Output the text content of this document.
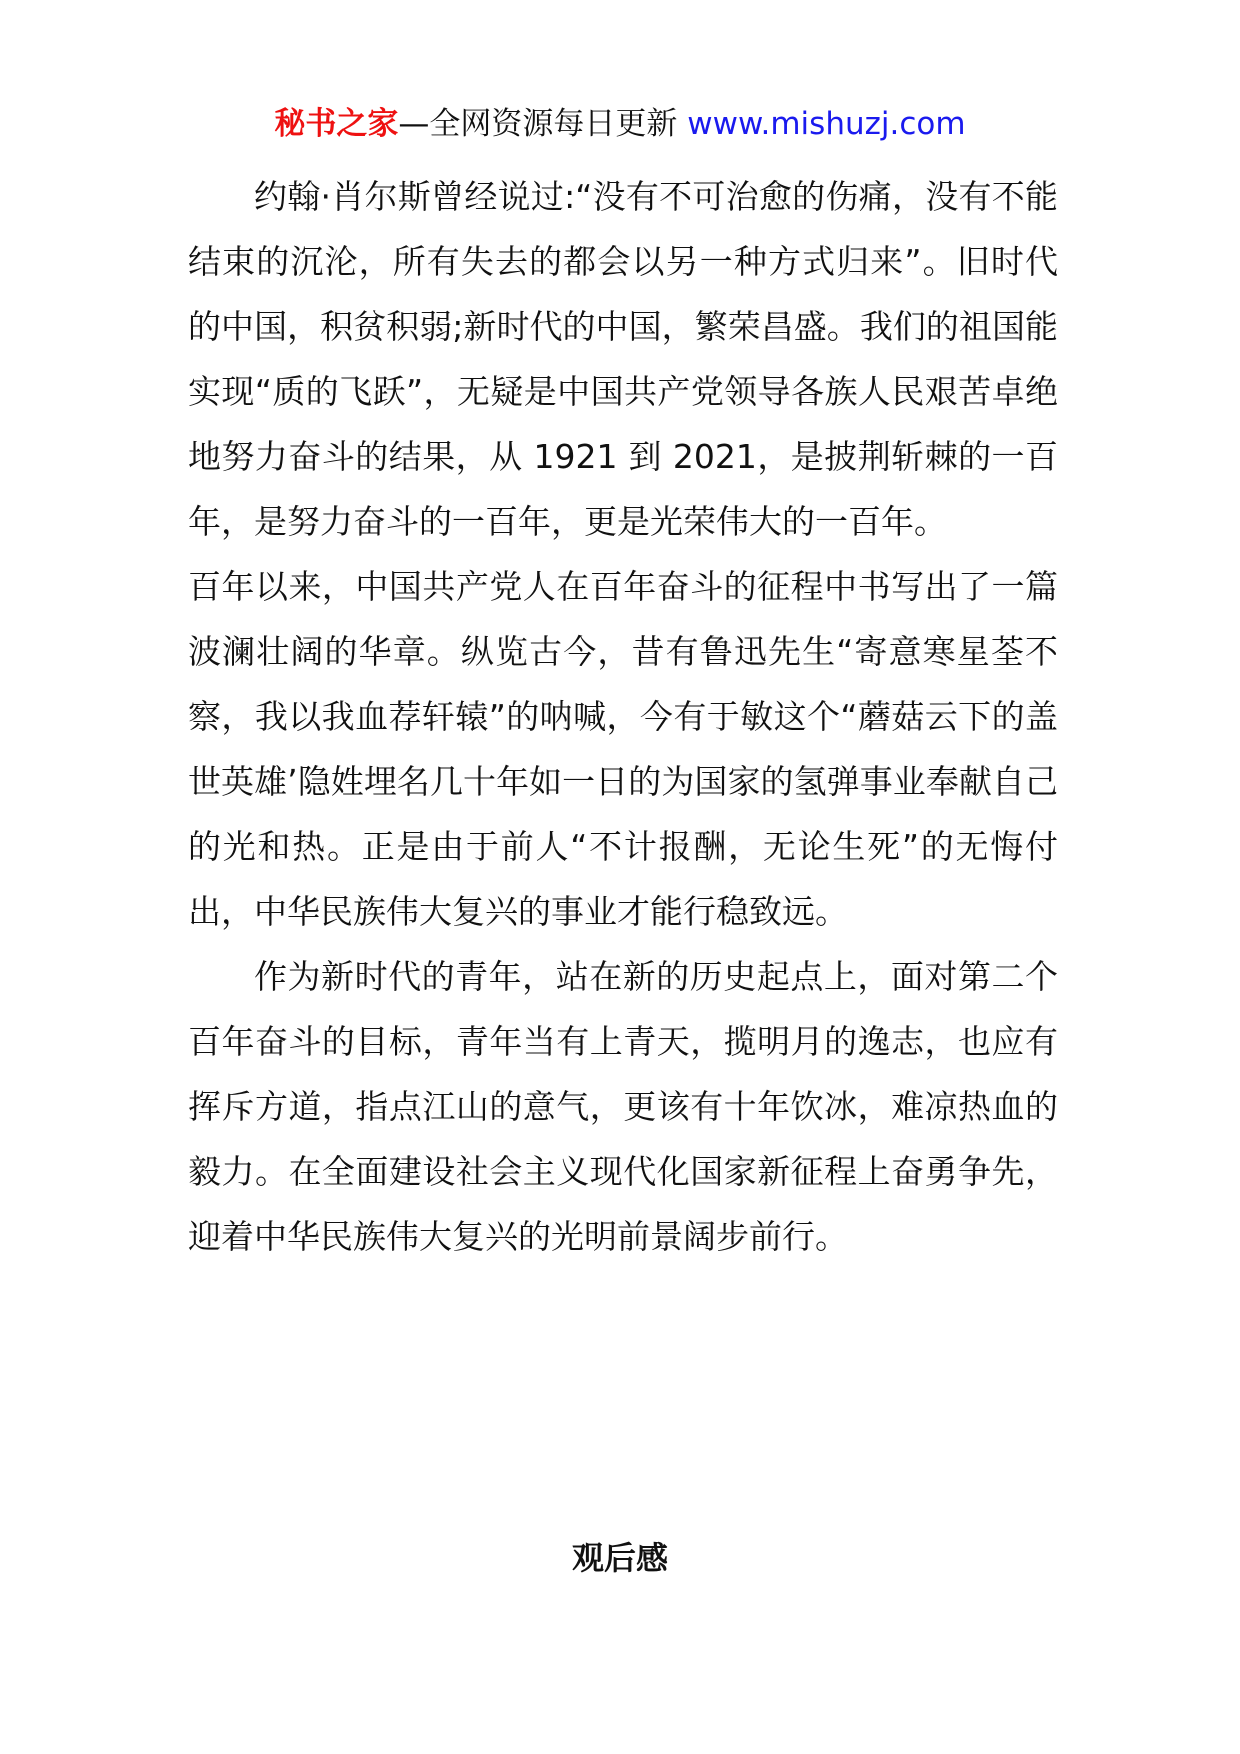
秘书之家—全网资源每日更新 www.mishuzj.com

约翰·肖尔斯曾经说过:“没有不可治愈的伤痛，没有不能结束的沉沦，所有失去的都会以另一种方式归来”。旧时代的中国，积贫积弱;新时代的中国，繁荣昌盛。我们的祖国能实现“质的飞跃”，无疑是中国共产党领导各族人民艰苦卓绝地努力奋斗的结果，从 1921 到 2021，是披荆斩棘的一百年，是努力奋斗的一百年，更是光荣伟大的一百年。

百年以来，中国共产党人在百年奋斗的征程中书写出了一篇波澜壮阔的华章。纵览古今，昔有鲁迅先生“寄意寒星荃不察，我以我血荐轩辕”的呐喊，今有于敏这个“蘑菇云下的盖世英雄’隐姓埋名几十年如一日的为国家的氢弹事业奉献自己的光和热。正是由于前人“不计报酬，无论生死”的无悔付出，中华民族伟大复兴的事业才能行稳致远。

作为新时代的青年，站在新的历史起点上，面对第二个百年奋斗的目标，青年当有上青天，揽明月的逸志，也应有挥斥方道，指点江山的意气，更该有十年饮冰，难凉热血的毅力。在全面建设社会主义现代化国家新征程上奋勇争先，迎着中华民族伟大复兴的光明前景阔步前行。

观后感
